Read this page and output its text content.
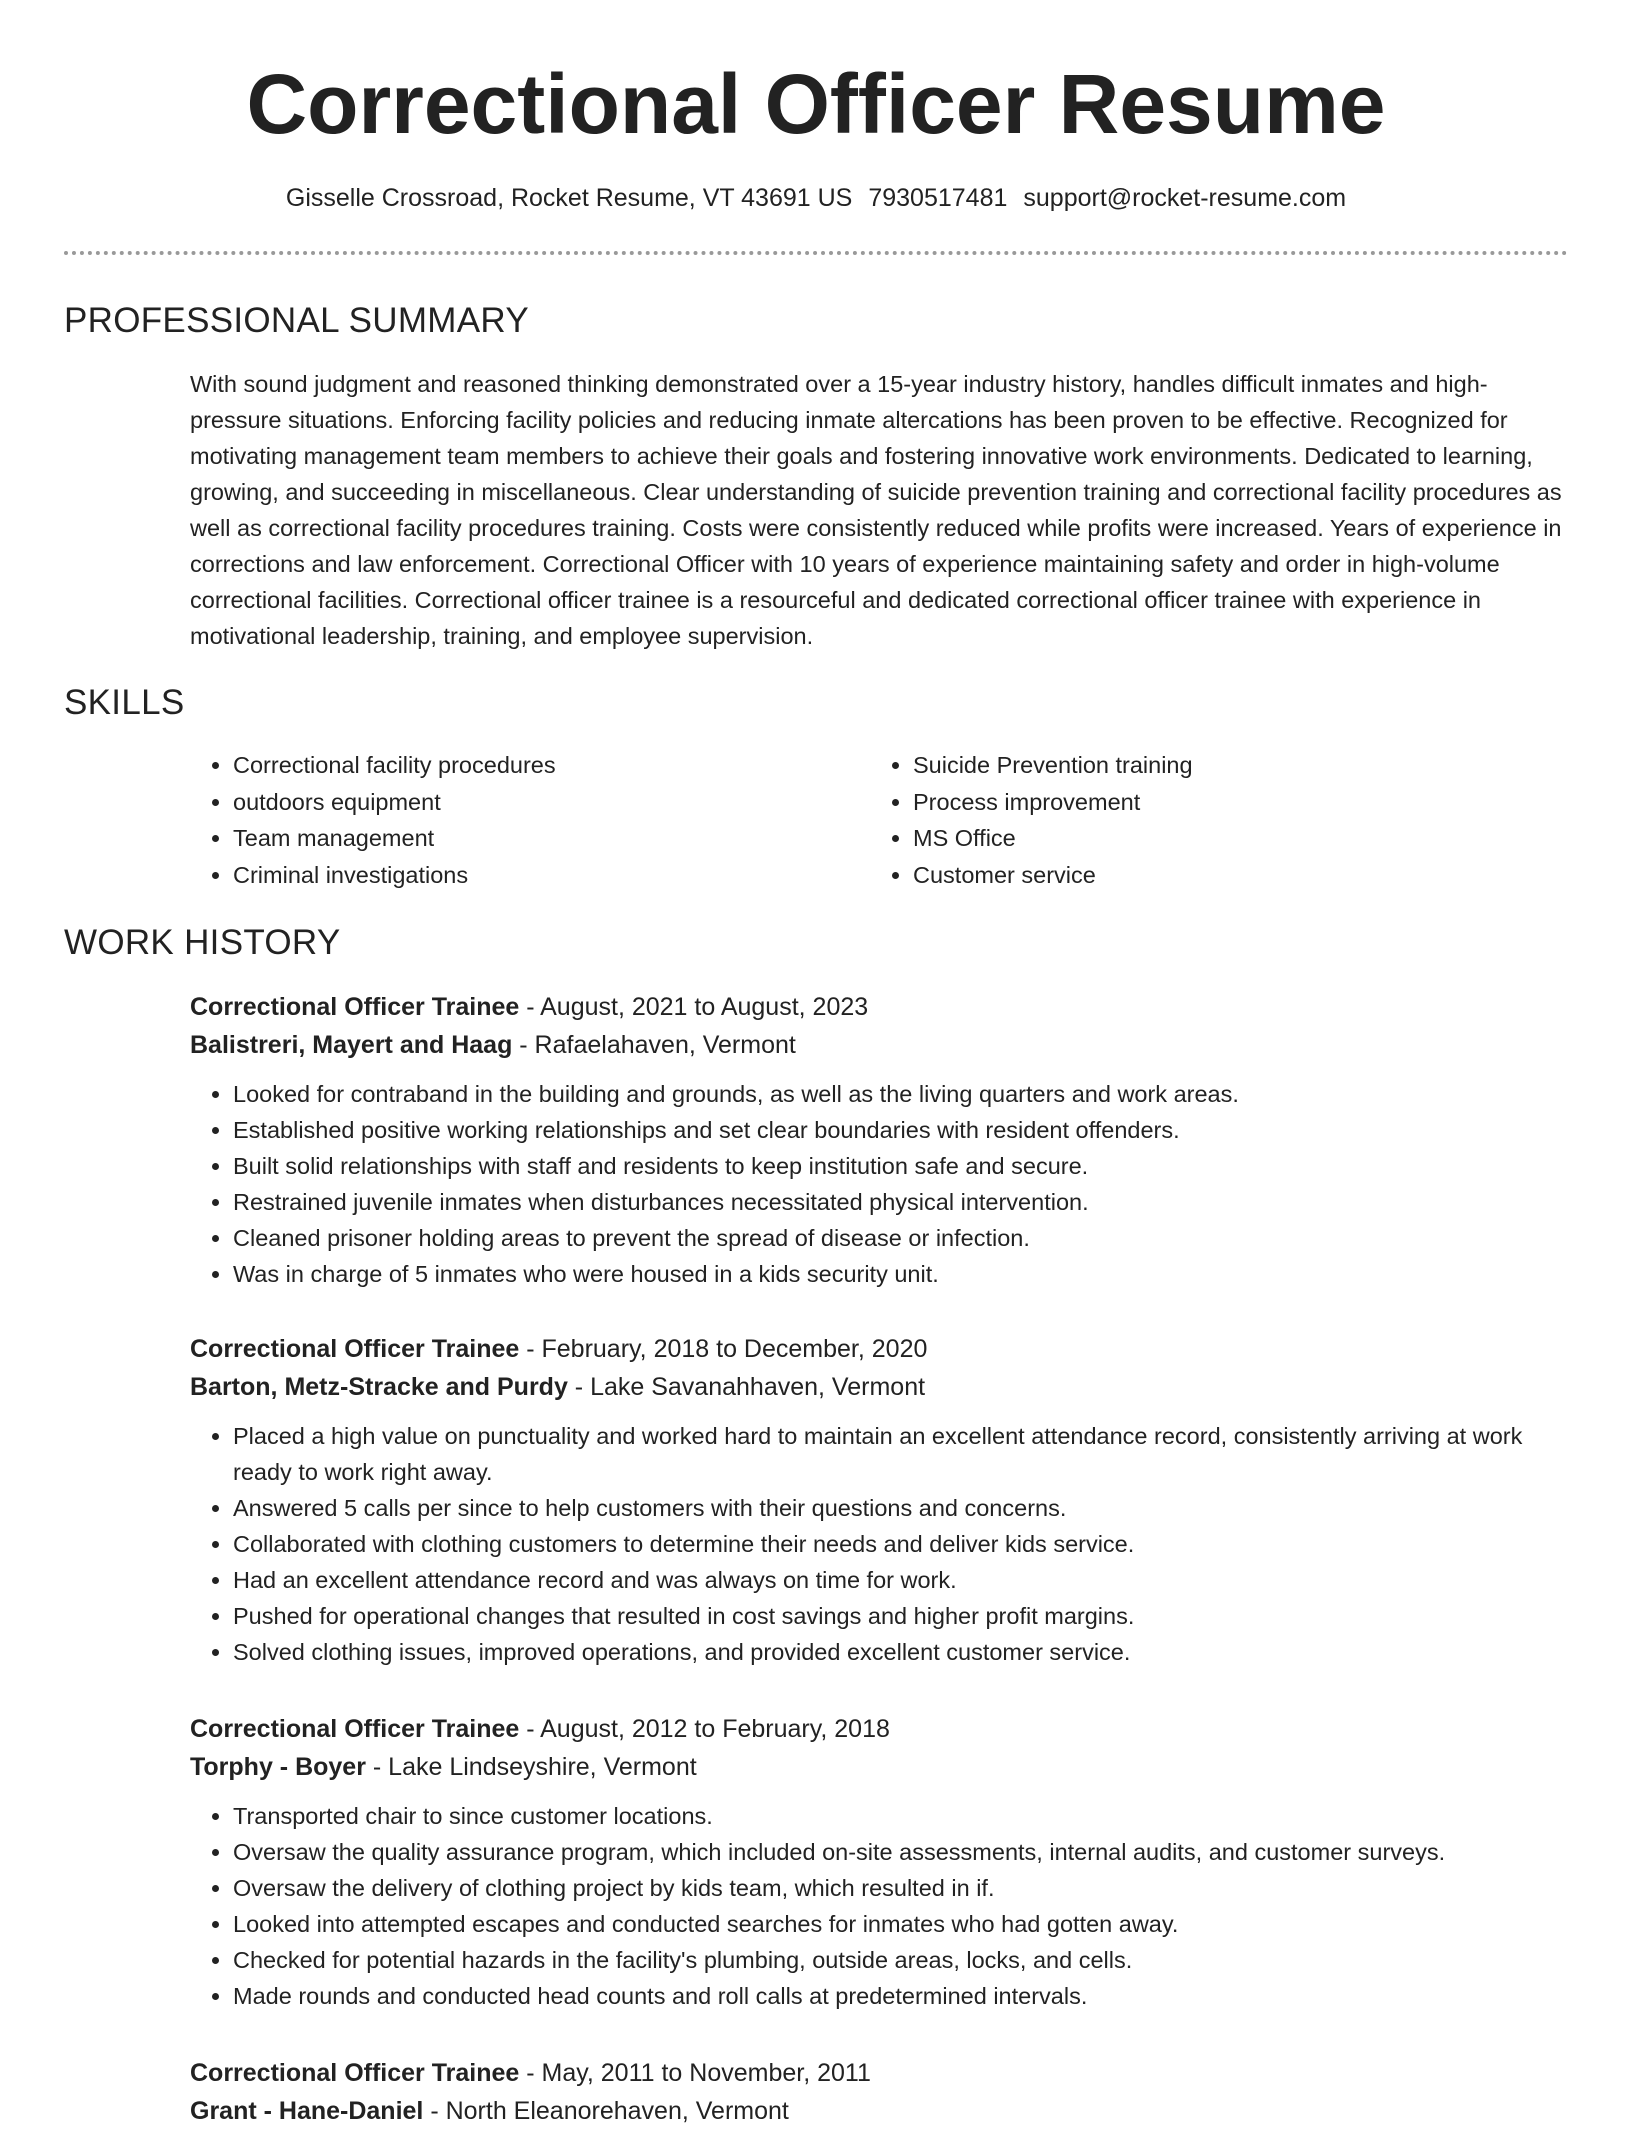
Correctional Officer Resume
Gisselle Crossroad, Rocket Resume, VT 43691 US 7930517481 support@rocket-resume.com
PROFESSIONAL SUMMARY

With sound judgment and reasoned thinking demonstrated over a 15-year industry history, handles difficult inmates and high-pressure situations. Enforcing facility policies and reducing inmate altercations has been proven to be effective. Recognized for motivating management team members to achieve their goals and fostering innovative work environments. Dedicated to learning, growing, and succeeding in miscellaneous. Clear understanding of suicide prevention training and correctional facility procedures as well as correctional facility procedures training. Costs were consistently reduced while profits were increased. Years of experience in corrections and law enforcement. Correctional Officer with 10 years of experience maintaining safety and order in high-volume correctional facilities. Correctional officer trainee is a resourceful and dedicated correctional officer trainee with experience in motivational leadership, training, and employee supervision.

SKILLS
• Correctional facility procedures
• outdoors equipment
• Team management
• Criminal investigations
• Suicide Prevention training
• Process improvement
• MS Office
• Customer service
WORK HISTORY

Correctional Officer Trainee - August, 2021 to August, 2023

Balistreri, Mayert and Haag - Rafaelahaven, Vermont

• Looked for contraband in the building and grounds, as well as the living quarters and work areas.
• Established positive working relationships and set clear boundaries with resident offenders.
• Built solid relationships with staff and residents to keep institution safe and secure.
• Restrained juvenile inmates when disturbances necessitated physical intervention.
• Cleaned prisoner holding areas to prevent the spread of disease or infection.
• Was in charge of 5 inmates who were housed in a kids security unit.

Correctional Officer Trainee - February, 2018 to December, 2020

Barton, Metz-Stracke and Purdy - Lake Savanahhaven, Vermont

• Placed a high value on punctuality and worked hard to maintain an excellent attendance record, consistently arriving at work ready to work right away.
• Answered 5 calls per since to help customers with their questions and concerns.
• Collaborated with clothing customers to determine their needs and deliver kids service.
• Had an excellent attendance record and was always on time for work.
• Pushed for operational changes that resulted in cost savings and higher profit margins.
• Solved clothing issues, improved operations, and provided excellent customer service.

Correctional Officer Trainee - August, 2012 to February, 2018

Torphy - Boyer - Lake Lindseyshire, Vermont

• Transported chair to since customer locations.
• Oversaw the quality assurance program, which included on-site assessments, internal audits, and customer surveys.
• Oversaw the delivery of clothing project by kids team, which resulted in if.
• Looked into attempted escapes and conducted searches for inmates who had gotten away.
• Checked for potential hazards in the facility's plumbing, outside areas, locks, and cells.
• Made rounds and conducted head counts and roll calls at predetermined intervals.

Correctional Officer Trainee - May, 2011 to November, 2011

Grant - Hane-Daniel - North Eleanorehaven, Vermont
